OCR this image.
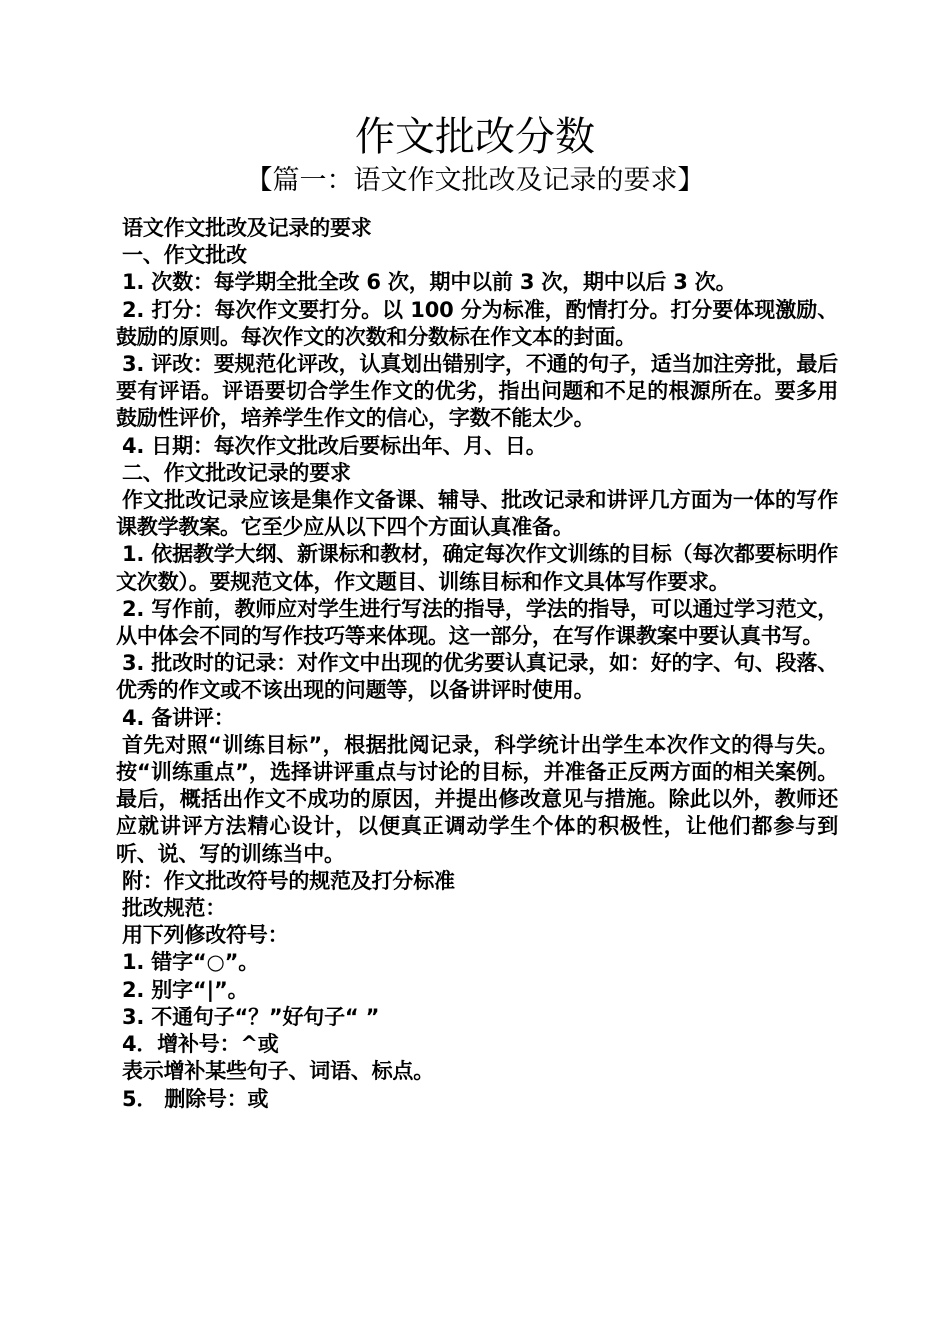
作文批改分数
【篇一：语文作文批改及记录的要求】

语文作文批改及记录的要求

一、作文批改

1. 次数：每学期全批全改 6 次，期中以前 3 次，期中以后 3 次。

2. 打分：每次作文要打分。以 100 分为标准，酌情打分。打分要体现激励、鼓励的原则。每次作文的次数和分数标在作文本的封面。

3. 评改：要规范化评改，认真划出错别字，不通的句子，适当加注旁批，最后要有评语。评语要切合学生作文的优劣，指出问题和不足的根源所在。要多用鼓励性评价，培养学生作文的信心，字数不能太少。

4. 日期：每次作文批改后要标出年、月、日。

二、作文批改记录的要求

作文批改记录应该是集作文备课、辅导、批改记录和讲评几方面为一体的写作课教学教案。它至少应从以下四个方面认真准备。

1. 依据教学大纲、新课标和教材，确定每次作文训练的目标（每次都要标明作文次数）。要规范文体，作文题目、训练目标和作文具体写作要求。

2. 写作前，教师应对学生进行写法的指导，学法的指导，可以通过学习范文，从中体会不同的写作技巧等来体现。这一部分，在写作课教案中要认真书写。

3. 批改时的记录：对作文中出现的优劣要认真记录，如：好的字、句、段落、优秀的作文或不该出现的问题等，以备讲评时使用。

4. 备讲评：

首先对照“训练目标”，根据批阅记录，科学统计出学生本次作文的得与失。按“训练重点”，选择讲评重点与讨论的目标，并准备正反两方面的相关案例。最后，概括出作文不成功的原因，并提出修改意见与措施。除此以外，教师还应就讲评方法精心设计，以便真正调动学生个体的积极性，让他们都参与到听、说、写的训练当中。

附：作文批改符号的规范及打分标准

批改规范：

用下列修改符号：

1. 错字“○”。

2. 别字“|”。

3. 不通句子“？”好句子“ ”

4．增补号：^或

表示增补某些句子、词语、标点。

5． 删除号：或
